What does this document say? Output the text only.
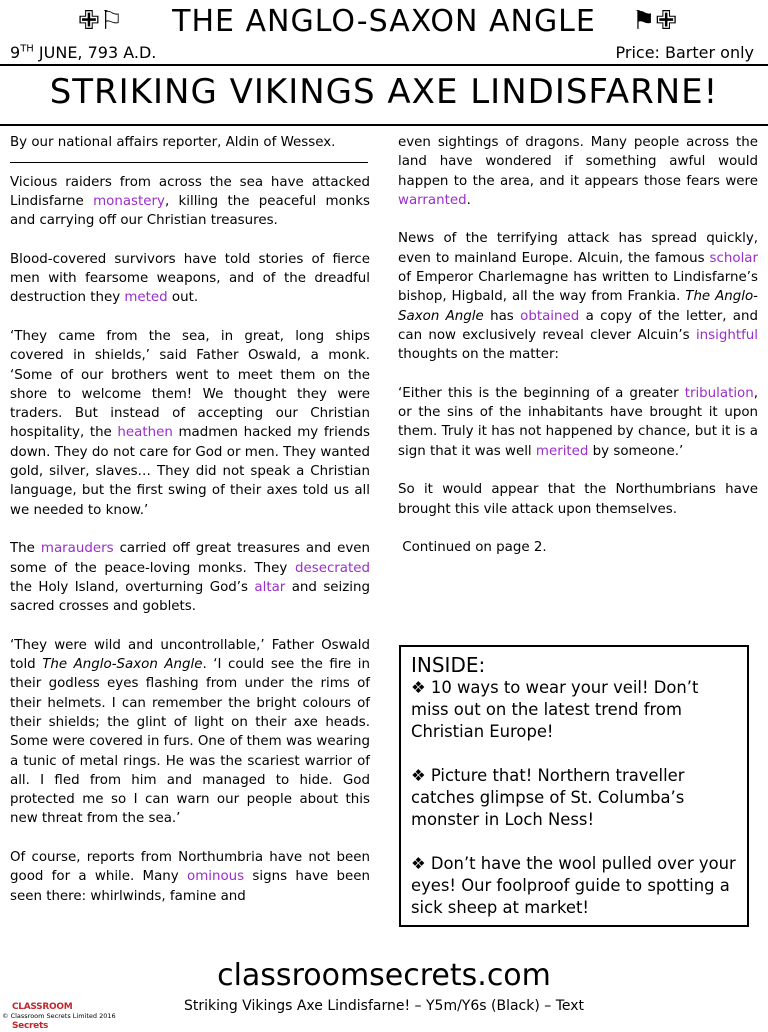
✙⚐	THE ANGLO-SAXON ANGLE	⚑✙
9TH JUNE, 793 A.D.	Price: Barter only
STRIKING VIKINGS AXE LINDISFARNE!

By our national affairs reporter, Aldin of Wessex.

Vicious raiders from across the sea have attacked Lindisfarne monastery, killing the peaceful monks and carrying off our Christian treasures.

Blood-covered survivors have told stories of fierce men with fearsome weapons, and of the dreadful destruction they meted out.

‘They came from the sea, in great, long ships covered in shields,’ said Father Oswald, a monk. ‘Some of our brothers went to meet them on the shore to welcome them! We thought they were traders. But instead of accepting our Christian hospitality, the heathen madmen hacked my friends down. They do not care for God or men. They wanted gold, silver, slaves… They did not speak a Christian language, but the first swing of their axes told us all we needed to know.’

The marauders carried off great treasures and even some of the peace-loving monks. They desecrated the Holy Island, overturning God’s altar and seizing sacred crosses and goblets.

‘They were wild and uncontrollable,’ Father Oswald told The Anglo-Saxon Angle. ‘I could see the fire in their godless eyes flashing from under the rims of their helmets. I can remember the bright colours of their shields; the glint of light on their axe heads. Some were covered in furs. One of them was wearing a tunic of metal rings. He was the scariest warrior of all. I fled from him and managed to hide. God protected me so I can warn our people about this new threat from the sea.’

Of course, reports from Northumbria have not been good for a while. Many ominous signs have been seen there: whirlwinds, famine and

even sightings of dragons. Many people across the land have wondered if something awful would happen to the area, and it appears those fears were warranted.

News of the terrifying attack has spread quickly, even to mainland Europe. Alcuin, the famous scholar of Emperor Charlemagne has written to Lindisfarne’s bishop, Higbald, all the way from Frankia. The Anglo-Saxon Angle has obtained a copy of the letter, and can now exclusively reveal clever Alcuin’s insightful thoughts on the matter:

‘Either this is the beginning of a greater tribulation, or the sins of the inhabitants have brought it upon them. Truly it has not happened by chance, but it is a sign that it was well merited by someone.’

So it would appear that the Northumbrians have brought this vile attack upon themselves.

Continued on page 2.

INSIDE:

❖ 10 ways to wear your veil! Don’t miss out on the latest trend from Christian Europe!

❖ Picture that! Northern traveller catches glimpse of St. Columba’s monster in Loch Ness!

❖ Don’t have the wool pulled over your eyes! Our foolproof guide to spotting a sick sheep at market!

classroomsecrets.com
CLASSROOM Secrets
Striking Vikings Axe Lindisfarne! – Y5m/Y6s (Black) – Text
© Classroom Secrets Limited 2016
